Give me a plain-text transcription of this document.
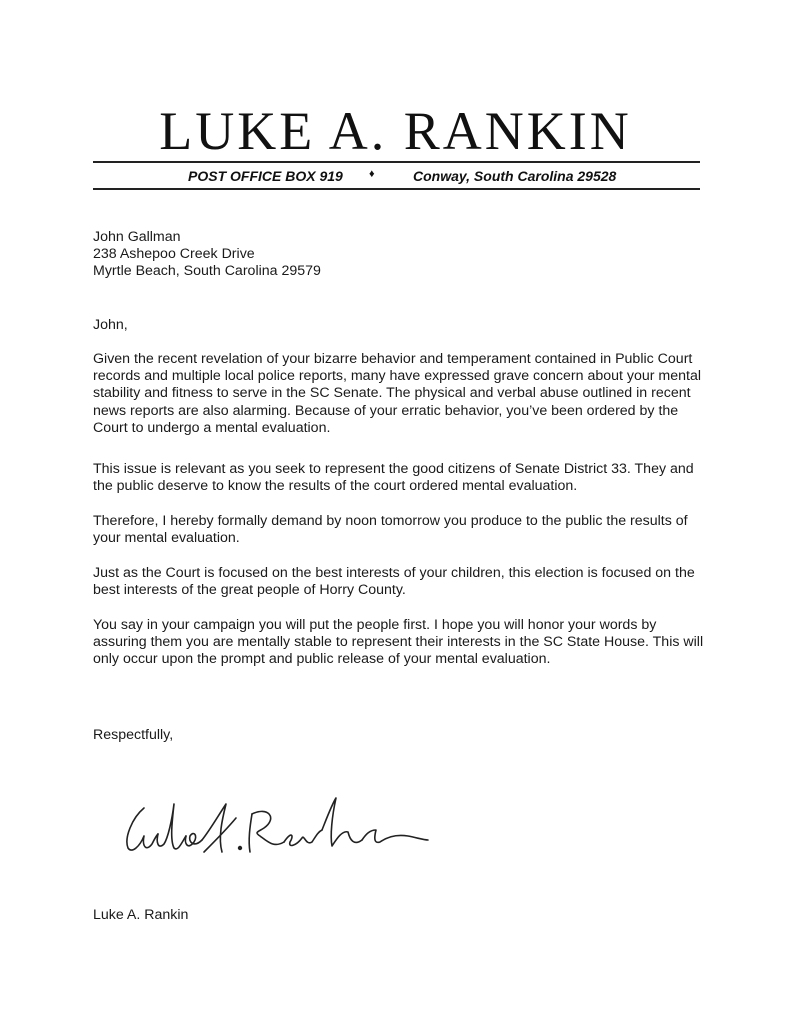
LUKE A. RANKIN
POST OFFICE BOX 919 ♦	Conway, South Carolina 29528
John Gallman
238 Ashepoo Creek Drive
Myrtle Beach, South Carolina 29579
John,

Given the recent revelation of your bizarre behavior and temperament contained in Public Court records and multiple local police reports, many have expressed grave concern about your mental stability and fitness to serve in the SC Senate. The physical and verbal abuse outlined in recent news reports are also alarming. Because of your erratic behavior, you’ve been ordered by the Court to undergo a mental evaluation.

This issue is relevant as you seek to represent the good citizens of Senate District 33. They and the public deserve to know the results of the court ordered mental evaluation.

Therefore, I hereby formally demand by noon tomorrow you produce to the public the results of your mental evaluation.

Just as the Court is focused on the best interests of your children, this election is focused on the best interests of the great people of Horry County.

You say in your campaign you will put the people first. I hope you will honor your words by assuring them you are mentally stable to represent their interests in the SC State House. This will only occur upon the prompt and public release of your mental evaluation.

Respectfully,
Luke A. Rankin
